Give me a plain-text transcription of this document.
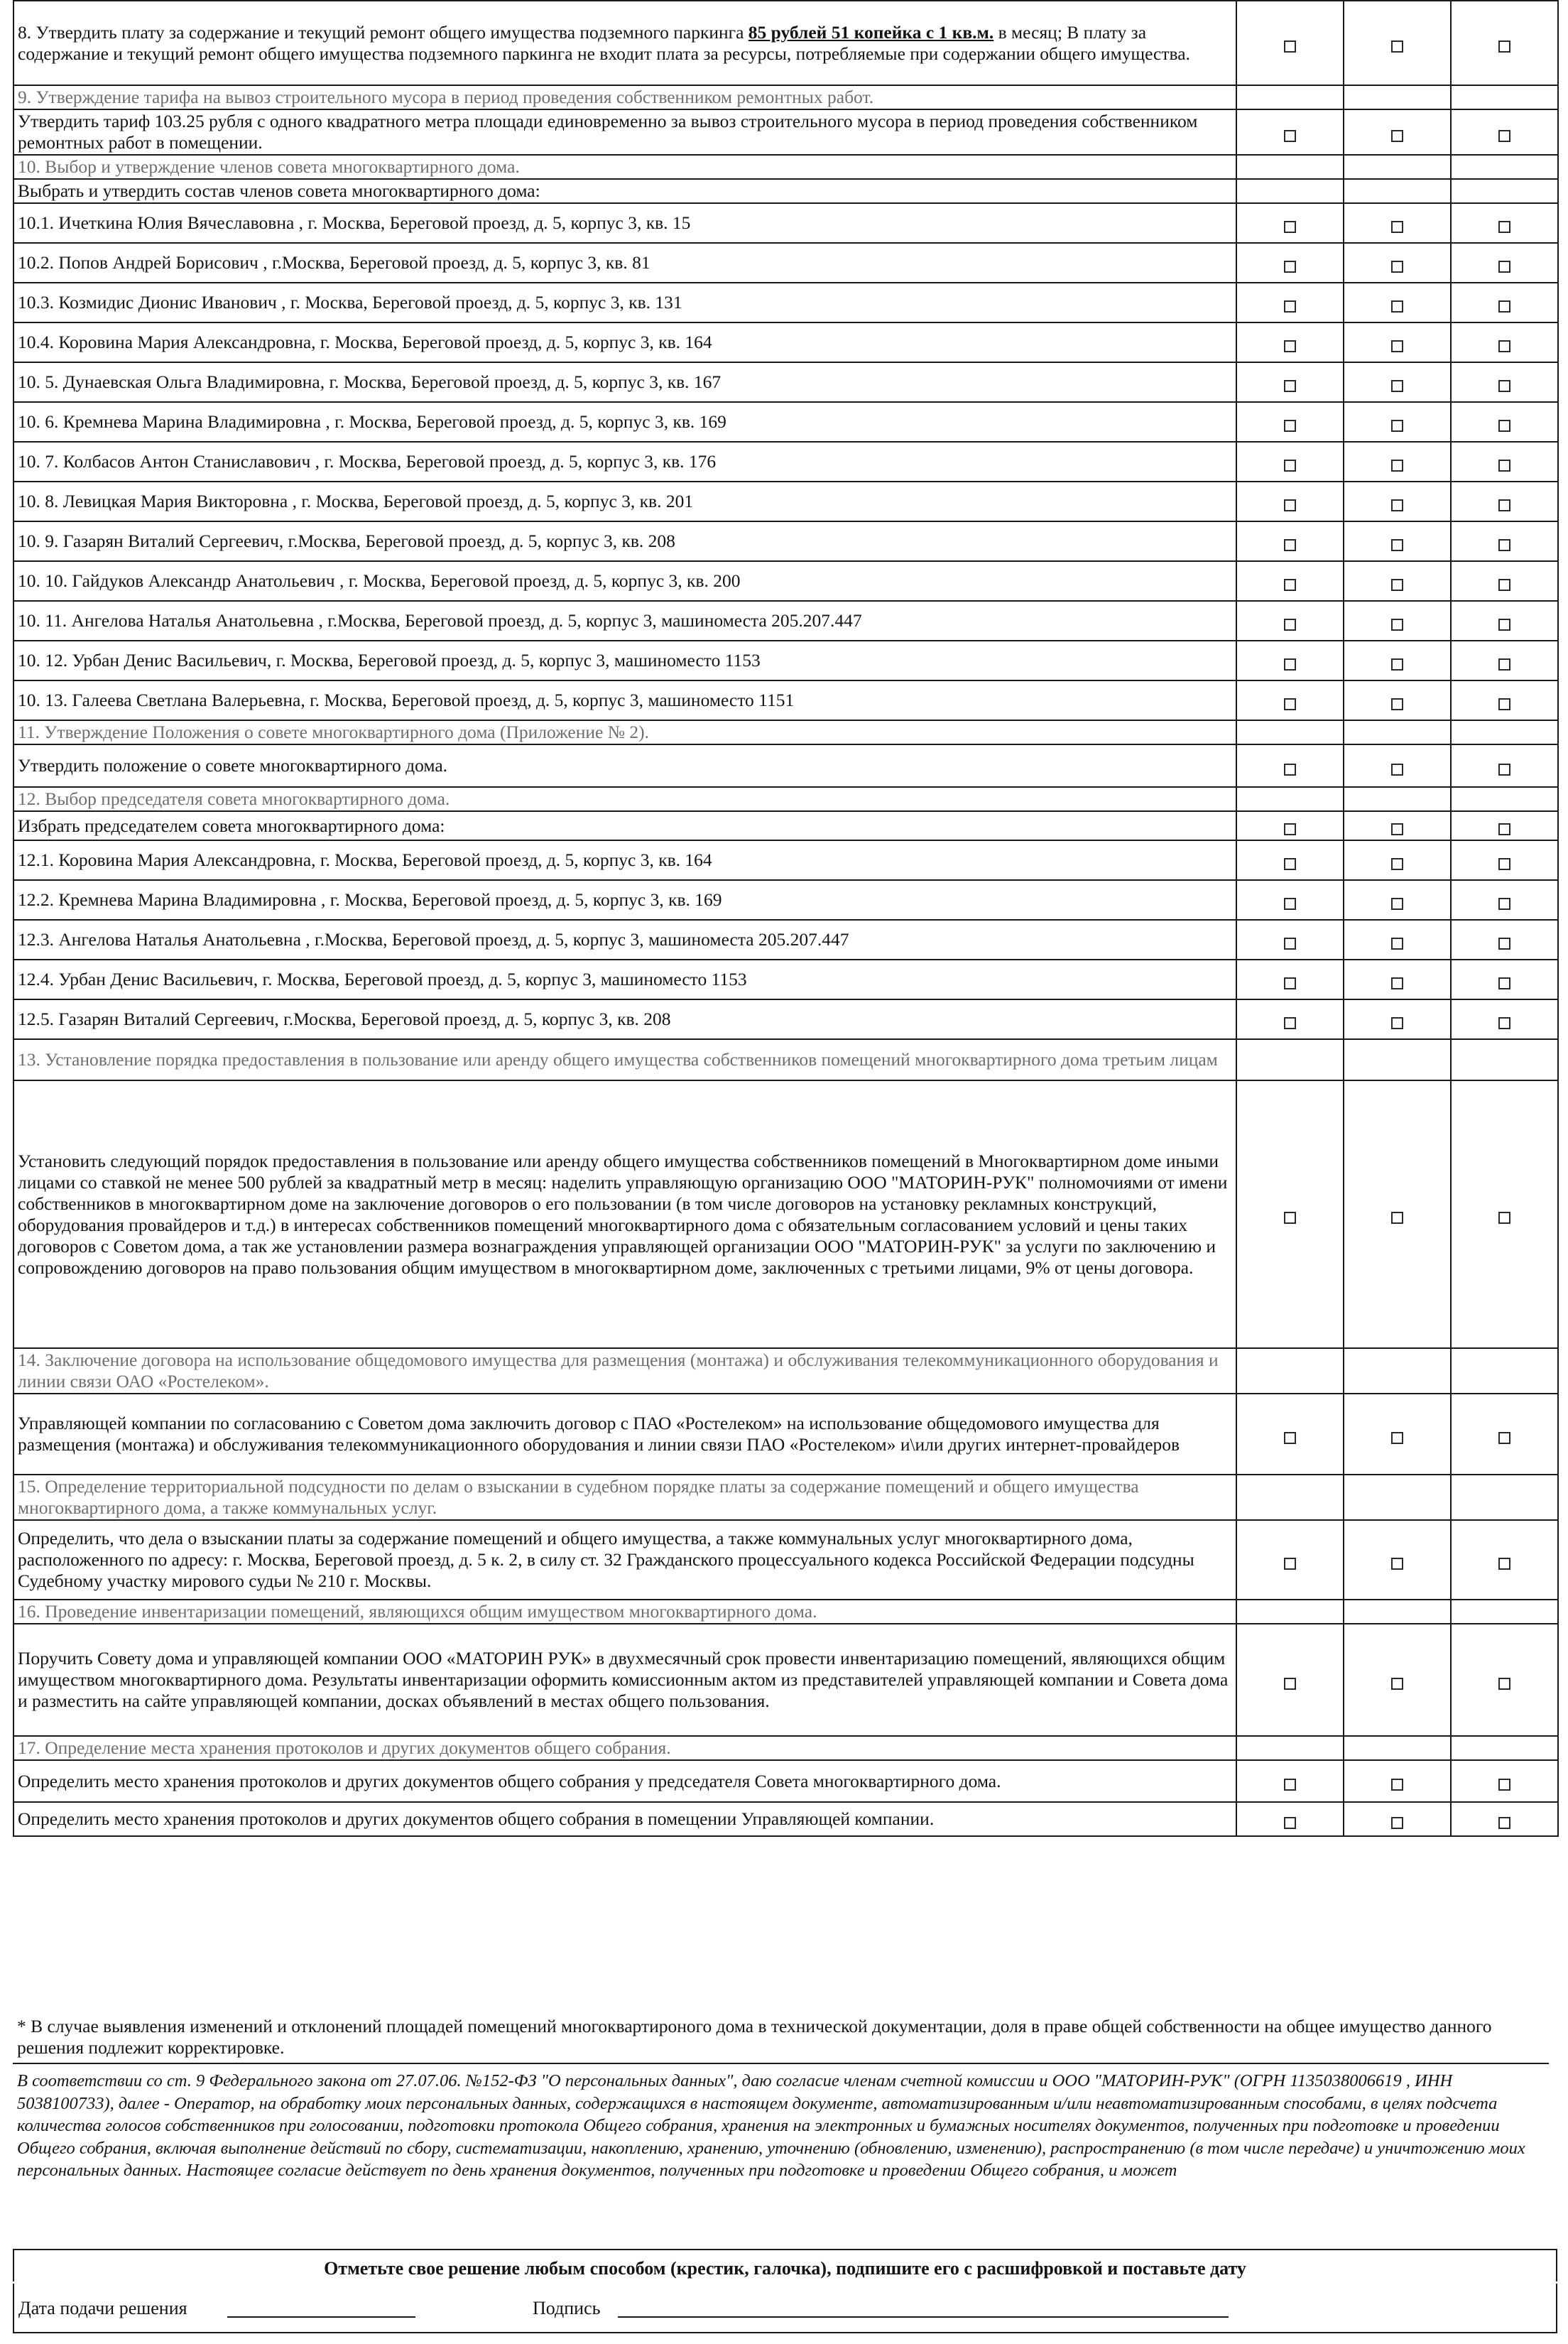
8. Утвердить плату за содержание и текущий ремонт общего имущества подземного паркинга 85 рублей 51 копейка с 1 кв.м. в месяц; В плату за содержание и текущий ремонт общего имущества подземного паркинга не входит плата за ресурсы, потребляемые при содержании общего имущества.			
9. Утверждение тарифа на вывоз строительного мусора в период проведения собственником ремонтных работ.			
Утвердить тариф 103.25 рубля с одного квадратного метра площади единовременно за вывоз строительного мусора в период проведения собственником ремонтных работ в помещении.			
10. Выбор и утверждение членов совета многоквартирного дома.			
Выбрать и утвердить состав членов совета многоквартирного дома:			
10.1. Ичеткина Юлия Вячеславовна , г. Москва, Береговой проезд, д. 5, корпус 3, кв. 15			
10.2. Попов Андрей Борисович , г.Москва, Береговой проезд, д. 5, корпус 3, кв. 81			
10.3. Козмидис Дионис Иванович , г. Москва, Береговой проезд, д. 5, корпус 3, кв. 131			
10.4. Коровина Мария Александровна, г. Москва, Береговой проезд, д. 5, корпус 3, кв. 164			
10. 5. Дунаевская Ольга Владимировна, г. Москва, Береговой проезд, д. 5, корпус 3, кв. 167			
10. 6. Кремнева Марина Владимировна , г. Москва, Береговой проезд, д. 5, корпус 3, кв. 169			
10. 7. Колбасов Антон Станиславович , г. Москва, Береговой проезд, д. 5, корпус 3, кв. 176			
10. 8. Левицкая Мария Викторовна , г. Москва, Береговой проезд, д. 5, корпус 3, кв. 201			
10. 9. Газарян Виталий Сергеевич, г.Москва, Береговой проезд, д. 5, корпус 3, кв. 208			
10. 10. Гайдуков Александр Анатольевич , г. Москва, Береговой проезд, д. 5, корпус 3, кв. 200			
10. 11. Ангелова Наталья Анатольевна , г.Москва, Береговой проезд, д. 5, корпус 3, машиноместа 205.207.447			
10. 12. Урбан Денис Васильевич, г. Москва, Береговой проезд, д. 5, корпус 3, машиноместо 1153			
10. 13. Галеева Светлана Валерьевна, г. Москва, Береговой проезд, д. 5, корпус 3, машиноместо 1151			
11. Утверждение Положения о совете многоквартирного дома (Приложение № 2).			
Утвердить положение о совете многоквартирного дома.			
12. Выбор председателя совета многоквартирного дома.			
Избрать председателем совета многоквартирного дома:			
12.1. Коровина Мария Александровна, г. Москва, Береговой проезд, д. 5, корпус 3, кв. 164			
12.2. Кремнева Марина Владимировна , г. Москва, Береговой проезд, д. 5, корпус 3, кв. 169			
12.3. Ангелова Наталья Анатольевна , г.Москва, Береговой проезд, д. 5, корпус 3, машиноместа 205.207.447			
12.4. Урбан Денис Васильевич, г. Москва, Береговой проезд, д. 5, корпус 3, машиноместо 1153			
12.5. Газарян Виталий Сергеевич, г.Москва, Береговой проезд, д. 5, корпус 3, кв. 208			
13. Установление порядка предоставления в пользование или аренду общего имущества собственников помещений многоквартирного дома третьим лицам			
Установить следующий порядок предоставления в пользование или аренду общего имущества собственников помещений в Многоквартирном доме иными лицами со ставкой не менее 500 рублей за квадратный метр в месяц: наделить управляющую организацию ООО "МАТОРИН-РУК" полномочиями от имени собственников в многоквартирном доме на заключение договоров о его пользовании (в том числе договоров на установку рекламных конструкций, оборудования провайдеров и т.д.) в интересах собственников помещений многоквартирного дома с обязательным согласованием условий и цены таких договоров с Советом дома, а так же установлении размера вознаграждения управляющей организации ООО "МАТОРИН-РУК" за услуги по заключению и сопровождению договоров на право пользования общим имуществом в многоквартирном доме, заключенных с третьими лицами, 9% от цены договора.			
14. Заключение договора на использование общедомового имущества для размещения (монтажа) и обслуживания телекоммуникационного оборудования и линии связи ОАО «Ростелеком».			
Управляющей компании по согласованию с Советом дома заключить договор с ПАО «Ростелеком» на использование общедомового имущества для размещения (монтажа) и обслуживания телекоммуникационного оборудования и линии связи ПАО «Ростелеком» и\или других интернет-провайдеров			
15. Определение территориальной подсудности по делам о взыскании в судебном порядке платы за содержание помещений и общего имущества многоквартирного дома, а также коммунальных услуг.			
Определить, что дела о взыскании платы за содержание помещений и общего имущества, а также коммунальных услуг многоквартирного дома, расположенного по адресу: г. Москва, Береговой проезд, д. 5 к. 2, в силу ст. 32 Гражданского процессуального кодекса Российской Федерации подсудны Судебному участку мирового судьи № 210 г. Москвы.			
16. Проведение инвентаризации помещений, являющихся общим имуществом многоквартирного дома.			
Поручить Совету дома и управляющей компании ООО «МАТОРИН РУК» в двухмесячный срок провести инвентаризацию помещений, являющихся общим имуществом многоквартирного дома. Результаты инвентаризации оформить комиссионным актом из представителей управляющей компании и Совета дома и разместить на сайте управляющей компании, досках объявлений в местах общего пользования.			
17. Определение места хранения протоколов и других документов общего собрания.			
Определить место хранения протоколов и других документов общего собрания у председателя Совета многоквартирного дома.			
Определить место хранения протоколов и других документов общего собрания в помещении Управляющей компании.			
* В случае выявления изменений и отклонений площадей помещений многоквартироного дома в технической документации, доля в праве общей собственности на общее имущество данного решения подлежит корректировке.
В соответствии со ст. 9 Федерального закона от 27.07.06. №152-ФЗ "О персональных данных", даю согласие членам счетной комиссии и ООО "МАТОРИН-РУК" (ОГРН 1135038006619 , ИНН 5038100733), далее - Оператор, на обработку моих персональных данных, содержащихся в настоящем документе, автоматизированным и/или неавтоматизированным способами, в целях подсчета количества голосов собственников при голосовании, подготовки протокола Общего собрания, хранения на электронных и бумажных носителях документов, полученных при подготовке и проведении Общего собрания, включая выполнение действий по сбору, систематизации, накоплению, хранению, уточнению (обновлению, изменению), распространению (в том числе передаче) и уничтожению моих персональных данных. Настоящее согласие действует по день хранения документов, полученных при подготовке и проведении Общего собрания, и может
Отметьте свое решение любым способом (крестик, галочка), подпишите его с расшифровкой и поставьте дату
Дата подачи решения	Подпись
